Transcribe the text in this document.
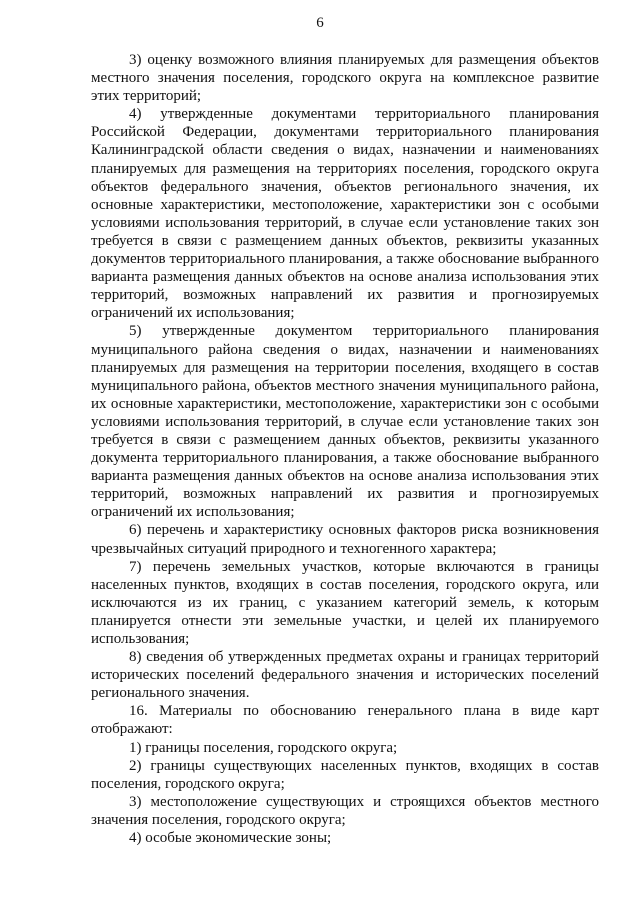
6

3) оценку возможного влияния планируемых для размещения объектов местного значения поселения, городского округа на комплексное развитие этих территорий;

4) утвержденные документами территориального планирования Российской Федерации, документами территориального планирования Калининградской области сведения о видах, назначении и наименованиях планируемых для размещения на территориях поселения, городского округа объектов федерального значения, объектов регионального значения, их основные характеристики, местоположение, характеристики зон с особыми условиями использования территорий, в случае если установление таких зон требуется в связи с размещением данных объектов, реквизиты указанных документов территориального планирования, а также обоснование выбранного варианта размещения данных объектов на основе анализа использования этих территорий, возможных направлений их развития и прогнозируемых ограничений их использования;

5) утвержденные документом территориального планирования муниципального района сведения о видах, назначении и наименованиях планируемых для размещения на территории поселения, входящего в состав муниципального района, объектов местного значения муниципального района, их основные характеристики, местоположение, характеристики зон с особыми условиями использования территорий, в случае если установление таких зон требуется в связи с размещением данных объектов, реквизиты указанного документа территориального планирования, а также обоснование выбранного варианта размещения данных объектов на основе анализа использования этих территорий, возможных направлений их развития и прогнозируемых ограничений их использования;

6) перечень и характеристику основных факторов риска возникновения чрезвычайных ситуаций природного и техногенного характера;

7) перечень земельных участков, которые включаются в границы населенных пунктов, входящих в состав поселения, городского округа, или исключаются из их границ, с указанием категорий земель, к которым планируется отнести эти земельные участки, и целей их планируемого использования;

8) сведения об утвержденных предметах охраны и границах территорий исторических поселений федерального значения и исторических поселений регионального значения.

16. Материалы по обоснованию генерального плана в виде карт отображают:

1) границы поселения, городского округа;

2) границы существующих населенных пунктов, входящих в состав поселения, городского округа;

3) местоположение существующих и строящихся объектов местного значения поселения, городского округа;

4) особые экономические зоны;
